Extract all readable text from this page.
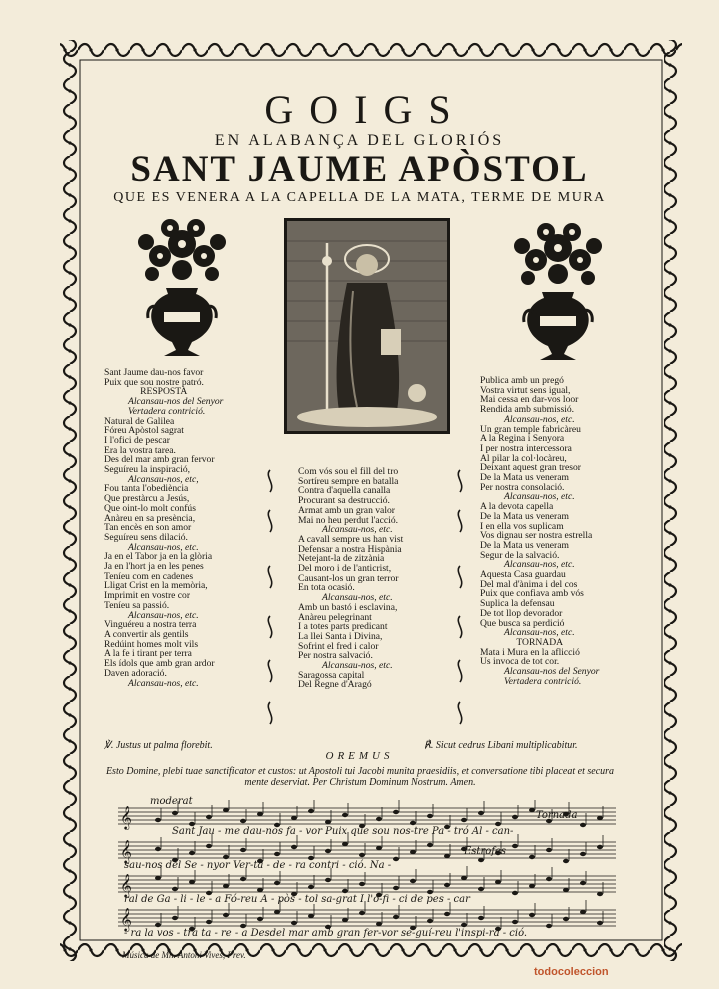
GOIGS
EN ALABANÇA DEL GLORIÓS
SANT JAUME APÒSTOL
QUE ES VENERA A LA CAPELLA DE LA MATA, TERME DE MURA
Sant Jaume dau-nos favor
Puix que sou nostre patró.
RESPOSTA
Alcansau-nos del Senyor
Vertadera contrició.
Natural de Galilea
Fóreu Apòstol sagrat
I l'ofici de pescar
Era la vostra tarea.
Des del mar amb gran fervor
Seguíreu la inspiració,
Alcansau-nos, etc,
Fou tanta l'obediència
Que prestàrcu a Jesús,
Que oint-lo molt confús
Anàreu en sa presència,
Tan encès en son amor
Seguíreu sens dilació.
Alcansau-nos, etc.
Ja en el Tabor ja en la glòria
Ja en l'hort ja en les penes
Teníeu com en cadenes
Lligat Crist en la memòria,
Imprimit en vostre cor
Teníeu sa passió.
Alcansau-nos, etc.
Vinguéreu a nostra terra
A convertir als gentils
Redúint homes molt vils
A la fe i tirant per terra
Els ídols que amb gran ardor
Daven adoració.
Alcansau-nos, etc.
Com vós sou el fill del tro
Sortíreu sempre en batalla
Contra d'aquella canalla
Procurant sa destrucció.
Armat amb un gran valor
Mai no heu perdut l'acció.
Alcansau-nos, etc.
A cavall sempre us han vist
Defensar a nostra Hispània
Netejant-la de zitzània
Del moro i de l'anticrist,
Causant-los un gran terror
En tota ocasió.
Alcansau-nos, etc.
Amb un bastó i esclavina,
Anàreu pelegrinant
I a totes parts predicant
La llei Santa i Divina,
Sofrint el fred i calor
Per nostra salvació.
Alcansau-nos, etc.
Saragossa capital
Del Regne d'Aragó
Publica amb un pregó
Vostra virtut sens igual,
Mai cessa en dar-vos loor
Rendida amb submissió.
Alcansau-nos, etc.
Un gran temple fabricàreu
A la Regina i Senyora
I per nostra intercessora
Al pilar la col·locàreu,
Deixant aquest gran tresor
De la Mata us veneram
Per nostra consolació.
Alcansau-nos, etc.
A la devota capella
De la Mata us veneram
I en ella vos suplicam
Vos dignau ser nostra estrella
De la Mata us veneram
Segur de la salvació.
Alcansau-nos, etc.
Aquesta Casa guardau
Del mal d'ànima i del cos
Puix que confiava amb vós
Suplica la defensau
De tot llop devorador
Que busca sa perdició
Alcansau-nos, etc.
TORNADA
Mata i Mura en la aflicció
Us invoca de tot cor.
Alcansau-nos del Senyor
Vertadera contrició.
℣. Justus ut palma florebit.	℟. Sicut cedrus Libani multiplicabitur.
OREMUS
Esto Domine, plebi tuae sanctificator et custos: ut Apostoli tui Jacobi munita praesidiis, et conversatione tibi placeat et secura mente deserviat. Per Christum Dominum Nostrum. Amen.
𝄞
𝄞
𝄞
𝄞
moderat
Tornada
Estrofes
Sant Jau - me dau-nos fa - vor Puix que sou nos-tre Pa - tró Al - can-
sau-nos del Se - nyor Ver-ta - de - ra contri - ció. Na -
ral de Ga - li - le - a Fó-reu A - pòs - tol sa-grat I l'o-fi - ci de pes - car
- ra la vos - tra ta - re - a Desdel mar amb gran fer-vor se-guí-reu l'inspi-ra - ció.
Música de Mn. Antoni Vives, Prev.
todocoleccion
